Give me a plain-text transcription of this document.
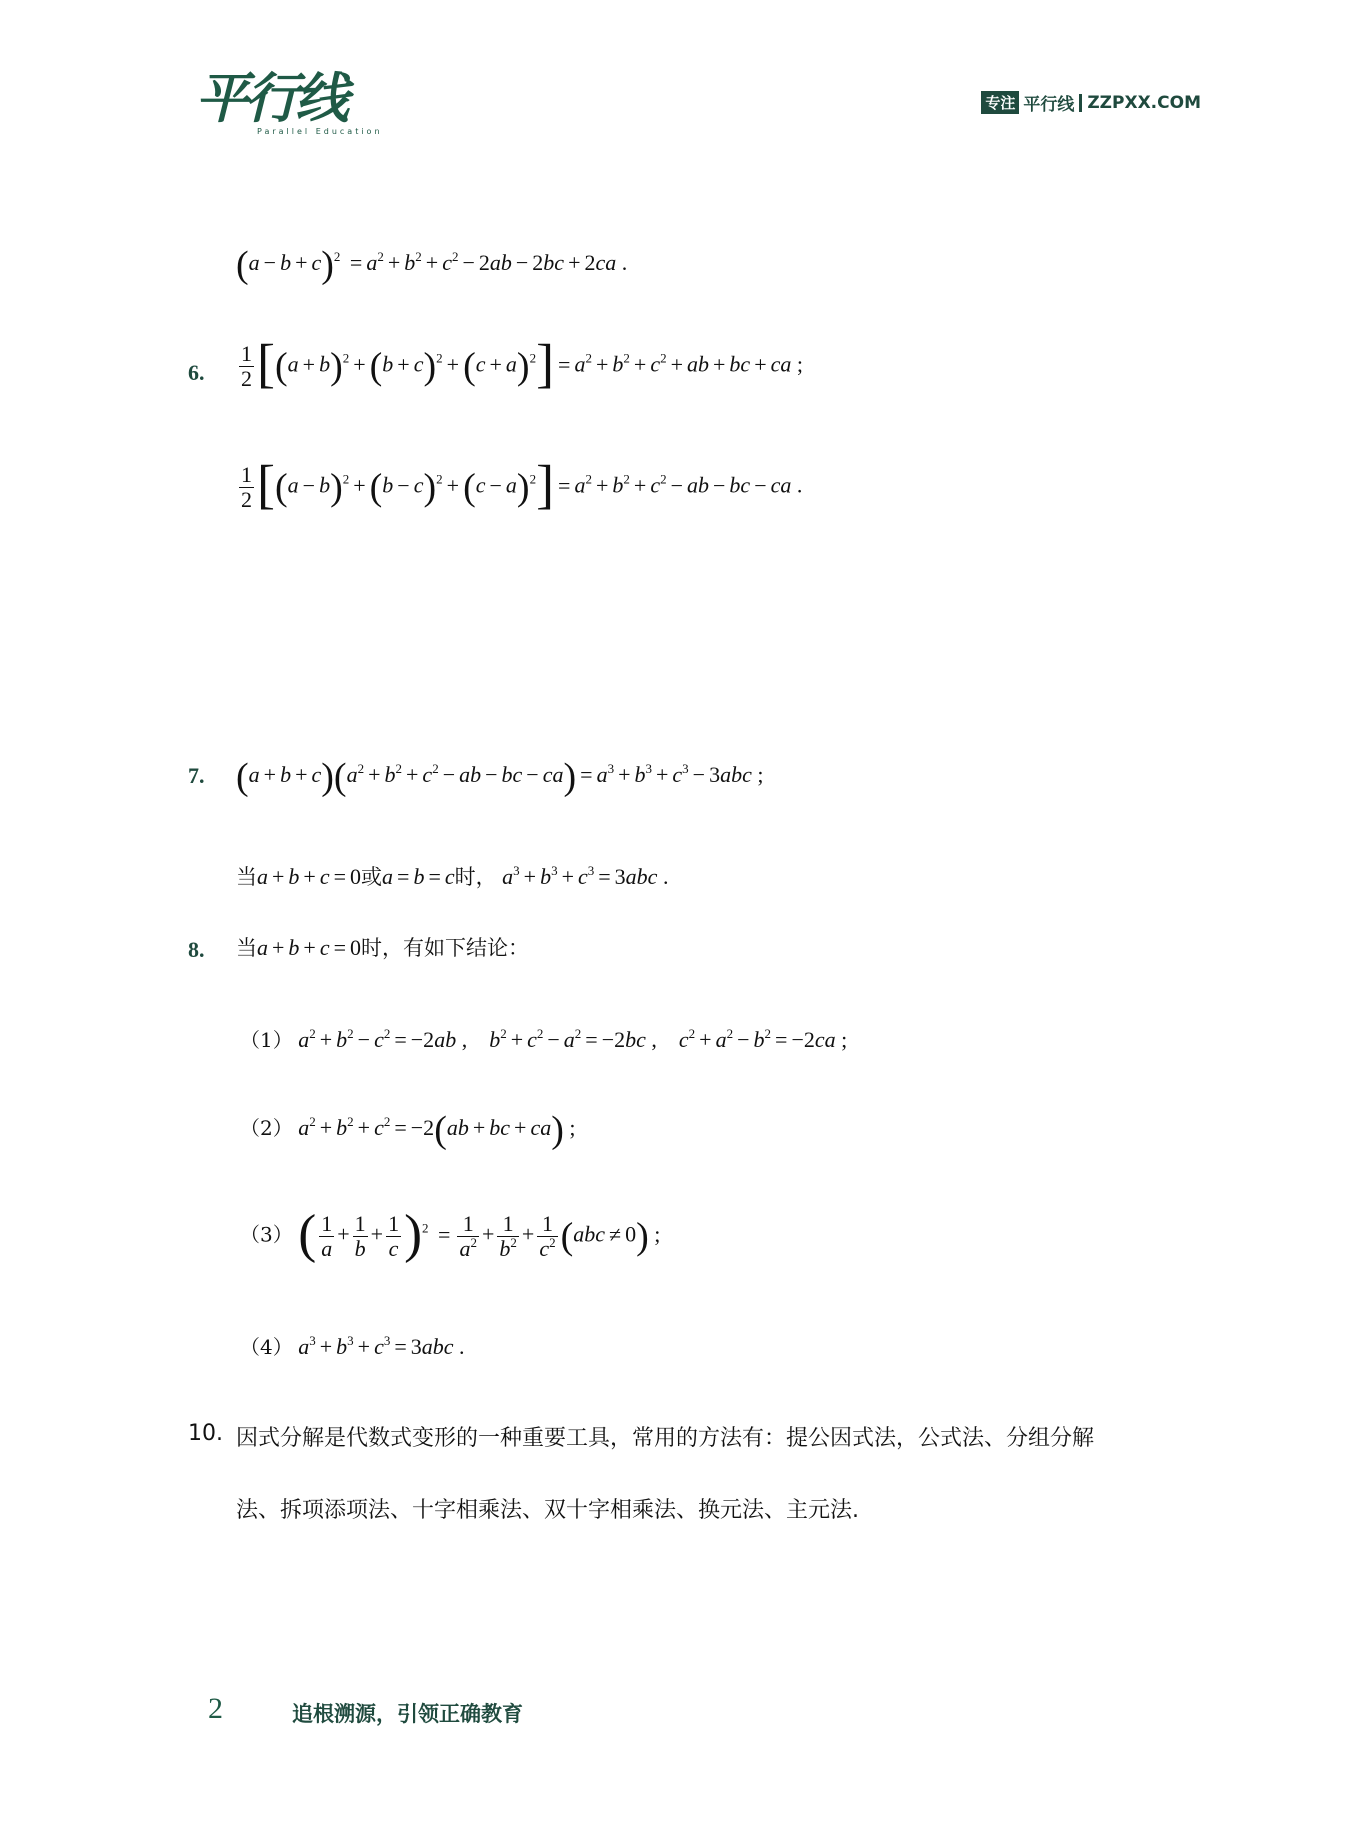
平行线
Parallel Education
专注 平行线 ZZPXX.COM
$(a - b + c)^2 = a^2 + b^2 + c^2 - 2ab - 2bc + 2ca$ .
6. $\frac{1}{2} [(a + b)^2 + (b + c)^2 + (c + a)^2] = a^2 + b^2 + c^2$ + ab + bc + ca ;
$\frac{1}{2} [(a - b)^2 + (b - c)^2 + (c - a)^2] = a^2 + b^2 + c^2$ − ab − bc − ca .
7. $(a + b + c)(a^2 + b^2 + c^2$ − ab − bc − $ca) = a^3 + b^3 + c^3 - 3abc$ ;
当a + b + c = 0或a = b = c时， $a^3 + b^3 + c^3 = 3abc$ .
8. 当a + b + c = 0时，有如下结论：
（1） $a^2 + b^2 - c^2 = -2ab$ ,    $b^2 + c^2 - a^2 = -2bc$ ,    $c^2 + a^2 - b^2 = -2ca$ ;
（2） $a^2 + b^2 + c^2 = -2(ab$ + bc + ca) ;
（3） ( $\frac{1}{a} + \frac{1}{b} + \frac{1}{c} )^2 = \frac{1}{a^2} + \frac{1}{b^2} + \frac{1}{c^2} (abc \ne 0)$ ;
（4） $a^3 + b^3 + c^3 = 3abc$ .
10. 因式分解是代数式变形的一种重要工具，常用的方法有：提公因式法，公式法、分组分解
法、拆项添项法、十字相乘法、双十字相乘法、换元法、主元法.
2	追根溯源，引领正确教育
